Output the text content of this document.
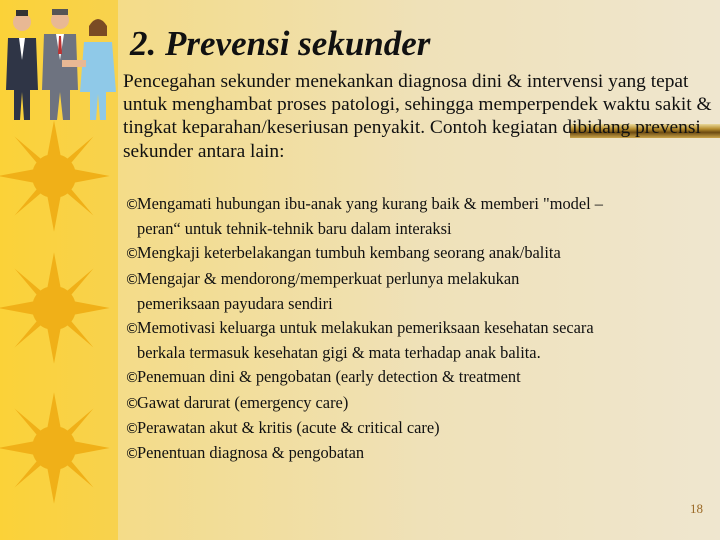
2. Prevensi sekunder
Pencegahan sekunder menekankan diagnosa dini & intervensi yang tepat untuk menghambat proses patologi, sehingga memperpendek waktu sakit & tingkat keparahan/keseriusan penyakit. Contoh kegiatan dibidang prevensi sekunder antara lain:
©Mengamati hubungan ibu-anak yang kurang baik & memberi "model –
peran“ untuk tehnik-tehnik baru dalam interaksi
©Mengkaji keterbelakangan tumbuh kembang seorang anak/balita
©Mengajar & mendorong/memperkuat perlunya melakukan
pemeriksaan payudara sendiri
©Memotivasi keluarga untuk melakukan pemeriksaan kesehatan secara
berkala termasuk kesehatan gigi & mata terhadap anak balita.
©Penemuan dini & pengobatan (early detection & treatment
©Gawat darurat (emergency care)
©Perawatan akut & kritis (acute & critical care)
©Penentuan diagnosa & pengobatan
18
